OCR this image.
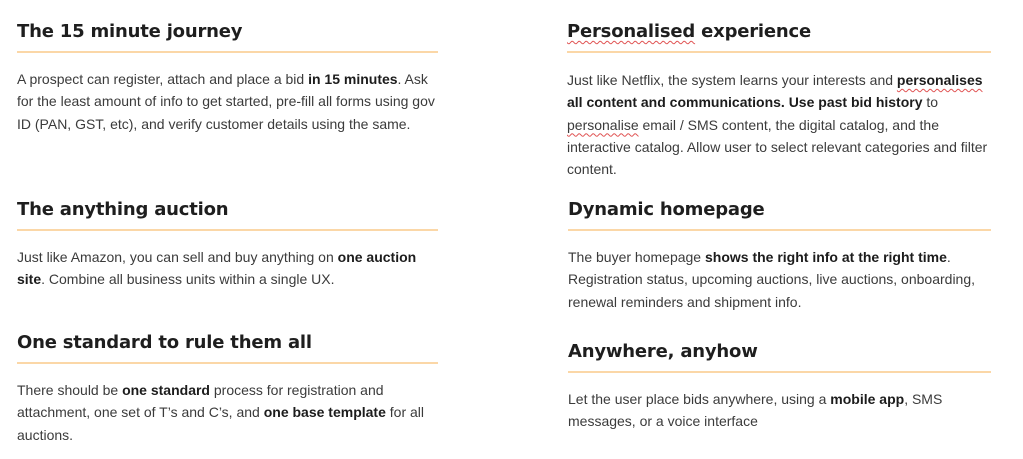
The 15 minute journey

A prospect can register, attach and place a bid in 15 minutes. Ask for the least amount of info to get started, pre-fill all forms using gov ID (PAN, GST, etc), and verify customer details using the same.

The anything auction

Just like Amazon, you can sell and buy anything on one auction site. Combine all business units within a single UX.

One standard to rule them all

There should be one standard process for registration and attachment, one set of T’s and C’s, and one base template for all auctions.

Personalised experience

Just like Netflix, the system learns your interests and personalises all content and communications. Use past bid history to personalise email / SMS content, the digital catalog, and the interactive catalog. Allow user to select relevant categories and filter content.

Dynamic homepage

The buyer homepage shows the right info at the right time. Registration status, upcoming auctions, live auctions, onboarding, renewal reminders and shipment info.

Anywhere, anyhow

Let the user place bids anywhere, using a mobile app, SMS messages, or a voice interface
